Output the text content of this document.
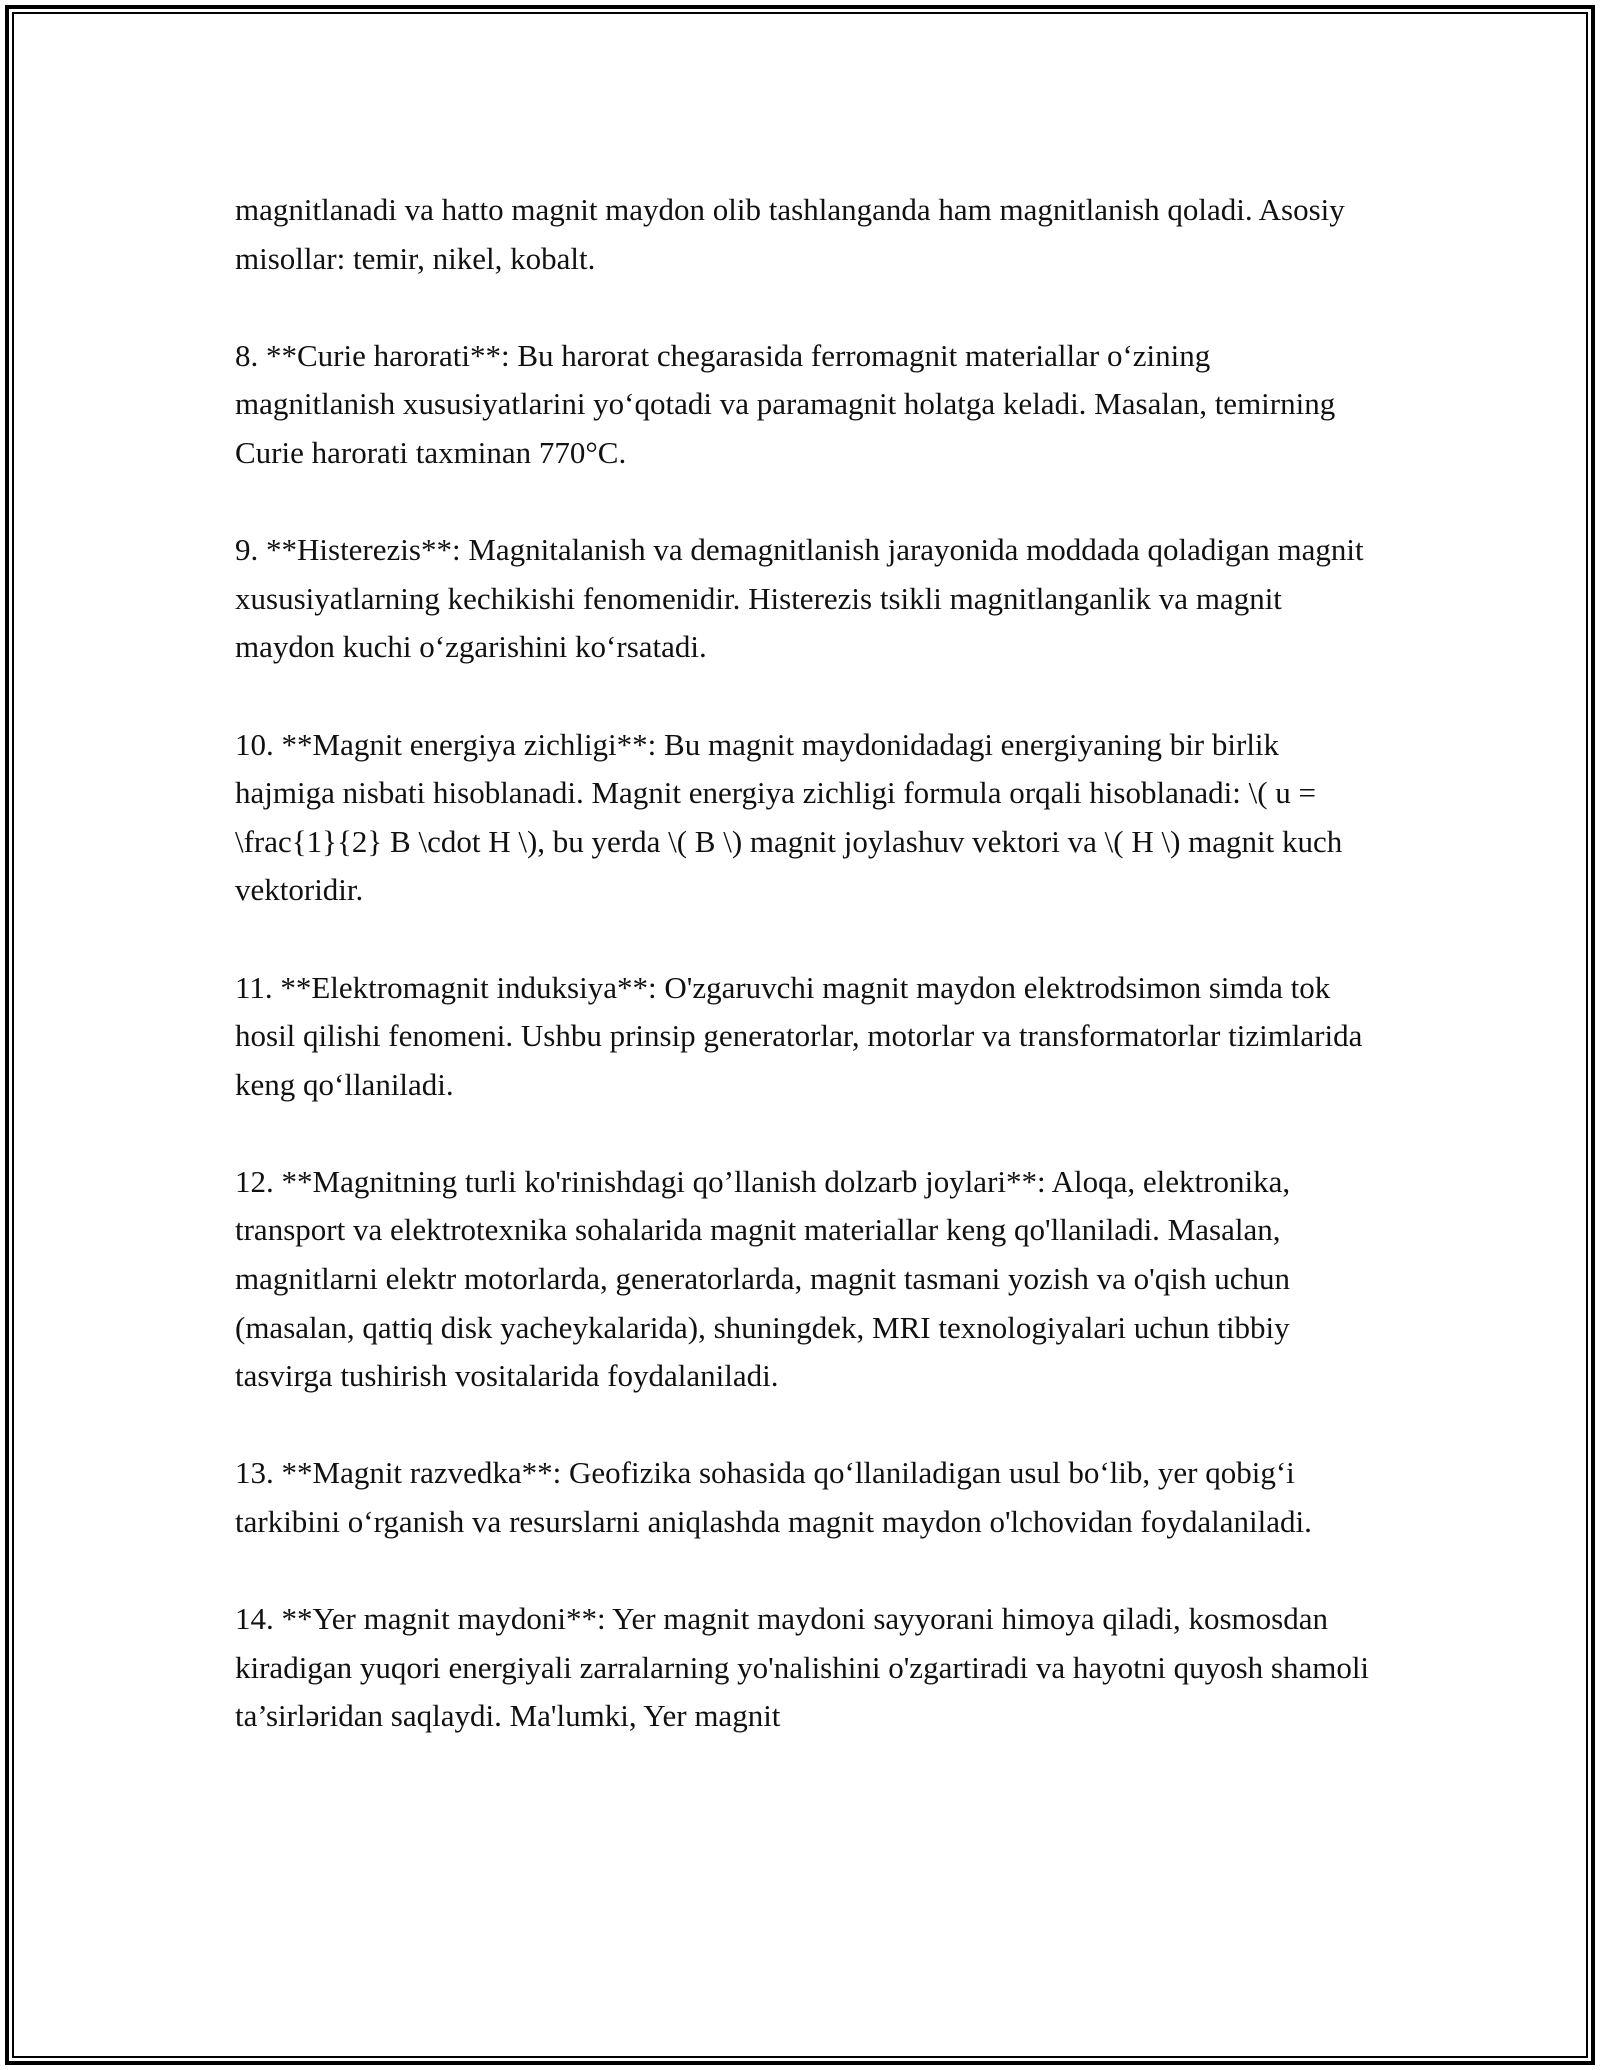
magnitlanadi va hatto magnit maydon olib tashlanganda ham magnitlanish qoladi. Asosiy misollar: temir, nikel, kobalt.

8. **Curie harorati**: Bu harorat chegarasida ferromagnit materiallar o‘zining magnitlanish xususiyatlarini yo‘qotadi va paramagnit holatga keladi. Masalan, temirning Curie harorati taxminan 770°C.

9. **Histerezis**: Magnitalanish va demagnitlanish jarayonida moddada qoladigan magnit xususiyatlarning kechikishi fenomenidir. Histerezis tsikli magnitlanganlik va magnit maydon kuchi o‘zgarishini ko‘rsatadi.

10. **Magnit energiya zichligi**: Bu magnit maydonidadagi energiyaning bir birlik hajmiga nisbati hisoblanadi. Magnit energiya zichligi formula orqali hisoblanadi: \( u = \frac{1}{2} B \cdot H \), bu yerda \( B \) magnit joylashuv vektori va \( H \) magnit kuch vektoridir.

11. **Elektromagnit induksiya**: O'zgaruvchi magnit maydon elektrodsimon simda tok hosil qilishi fenomeni. Ushbu prinsip generatorlar, motorlar va transformatorlar tizimlarida keng qo‘llaniladi.

12. **Magnitning turli ko'rinishdagi qo’llanish dolzarb joylari**: Aloqa, elektronika, transport va elektrotexnika sohalarida magnit materiallar keng qo'llaniladi. Masalan, magnitlarni elektr motorlarda, generatorlarda, magnit tasmani yozish va o'qish uchun (masalan, qattiq disk yacheykalarida), shuningdek, MRI texnologiyalari uchun tibbiy tasvirga tushirish vositalarida foydalaniladi.

13. **Magnit razvedka**: Geofizika sohasida qo‘llaniladigan usul bo‘lib, yer qobig‘i tarkibini o‘rganish va resurslarni aniqlashda magnit maydon o'lchovidan foydalaniladi.

14. **Yer magnit maydoni**: Yer magnit maydoni sayyorani himoya qiladi, kosmosdan kiradigan yuqori energiyali zarralarning yo'nalishini o'zgartiradi va hayotni quyosh shamoli ta’sirləridan saqlaydi. Ma'lumki, Yer magnit
